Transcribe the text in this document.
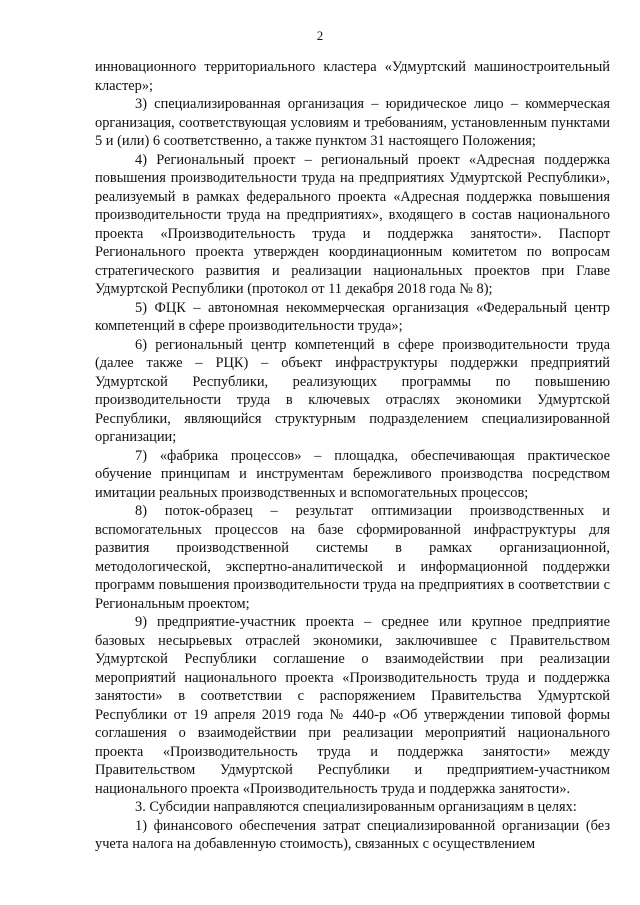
2

инновационного территориального кластера «Удмуртский машиностроительный кластер»;

3) специализированная организация – юридическое лицо – коммерческая организация, соответствующая условиям и требованиям, установленным пунктами 5 и (или) 6 соответственно, а также пунктом 31 настоящего Положения;

4) Региональный проект – региональный проект «Адресная поддержка повышения производительности труда на предприятиях Удмуртской Республики», реализуемый в рамках федерального проекта «Адресная поддержка повышения производительности труда на предприятиях», входящего в состав национального проекта «Производительность труда и поддержка занятости». Паспорт Регионального проекта утвержден координационным комитетом по вопросам стратегического развития и реализации национальных проектов при Главе Удмуртской Республики (протокол от 11 декабря 2018 года № 8);

5) ФЦК – автономная некоммерческая организация «Федеральный центр компетенций в сфере производительности труда»;

6) региональный центр компетенций в сфере производительности труда (далее также – РЦК) – объект инфраструктуры поддержки предприятий Удмуртской Республики, реализующих программы по повышению производительности труда в ключевых отраслях экономики Удмуртской Республики, являющийся структурным подразделением специализированной организации;

7) «фабрика процессов» – площадка, обеспечивающая практическое обучение принципам и инструментам бережливого производства посредством имитации реальных производственных и вспомогательных процессов;

8) поток-образец – результат оптимизации производственных и вспомогательных процессов на базе сформированной инфраструктуры для развития производственной системы в рамках организационной, методологической, экспертно-аналитической и информационной поддержки программ повышения производительности труда на предприятиях в соответствии с Региональным проектом;

9) предприятие-участник проекта – среднее или крупное предприятие базовых несырьевых отраслей экономики, заключившее с Правительством Удмуртской Республики соглашение о взаимодействии при реализации мероприятий национального проекта «Производительность труда и поддержка занятости» в соответствии с распоряжением Правительства Удмуртской Республики от 19 апреля 2019 года № 440-р «Об утверждении типовой формы соглашения о взаимодействии при реализации мероприятий национального проекта «Производительность труда и поддержка занятости» между Правительством Удмуртской Республики и предприятием-участником национального проекта «Производительность труда и поддержка занятости».

3. Субсидии направляются специализированным организациям в целях:

1) финансового обеспечения затрат специализированной организации (без учета налога на добавленную стоимость), связанных с осуществлением
